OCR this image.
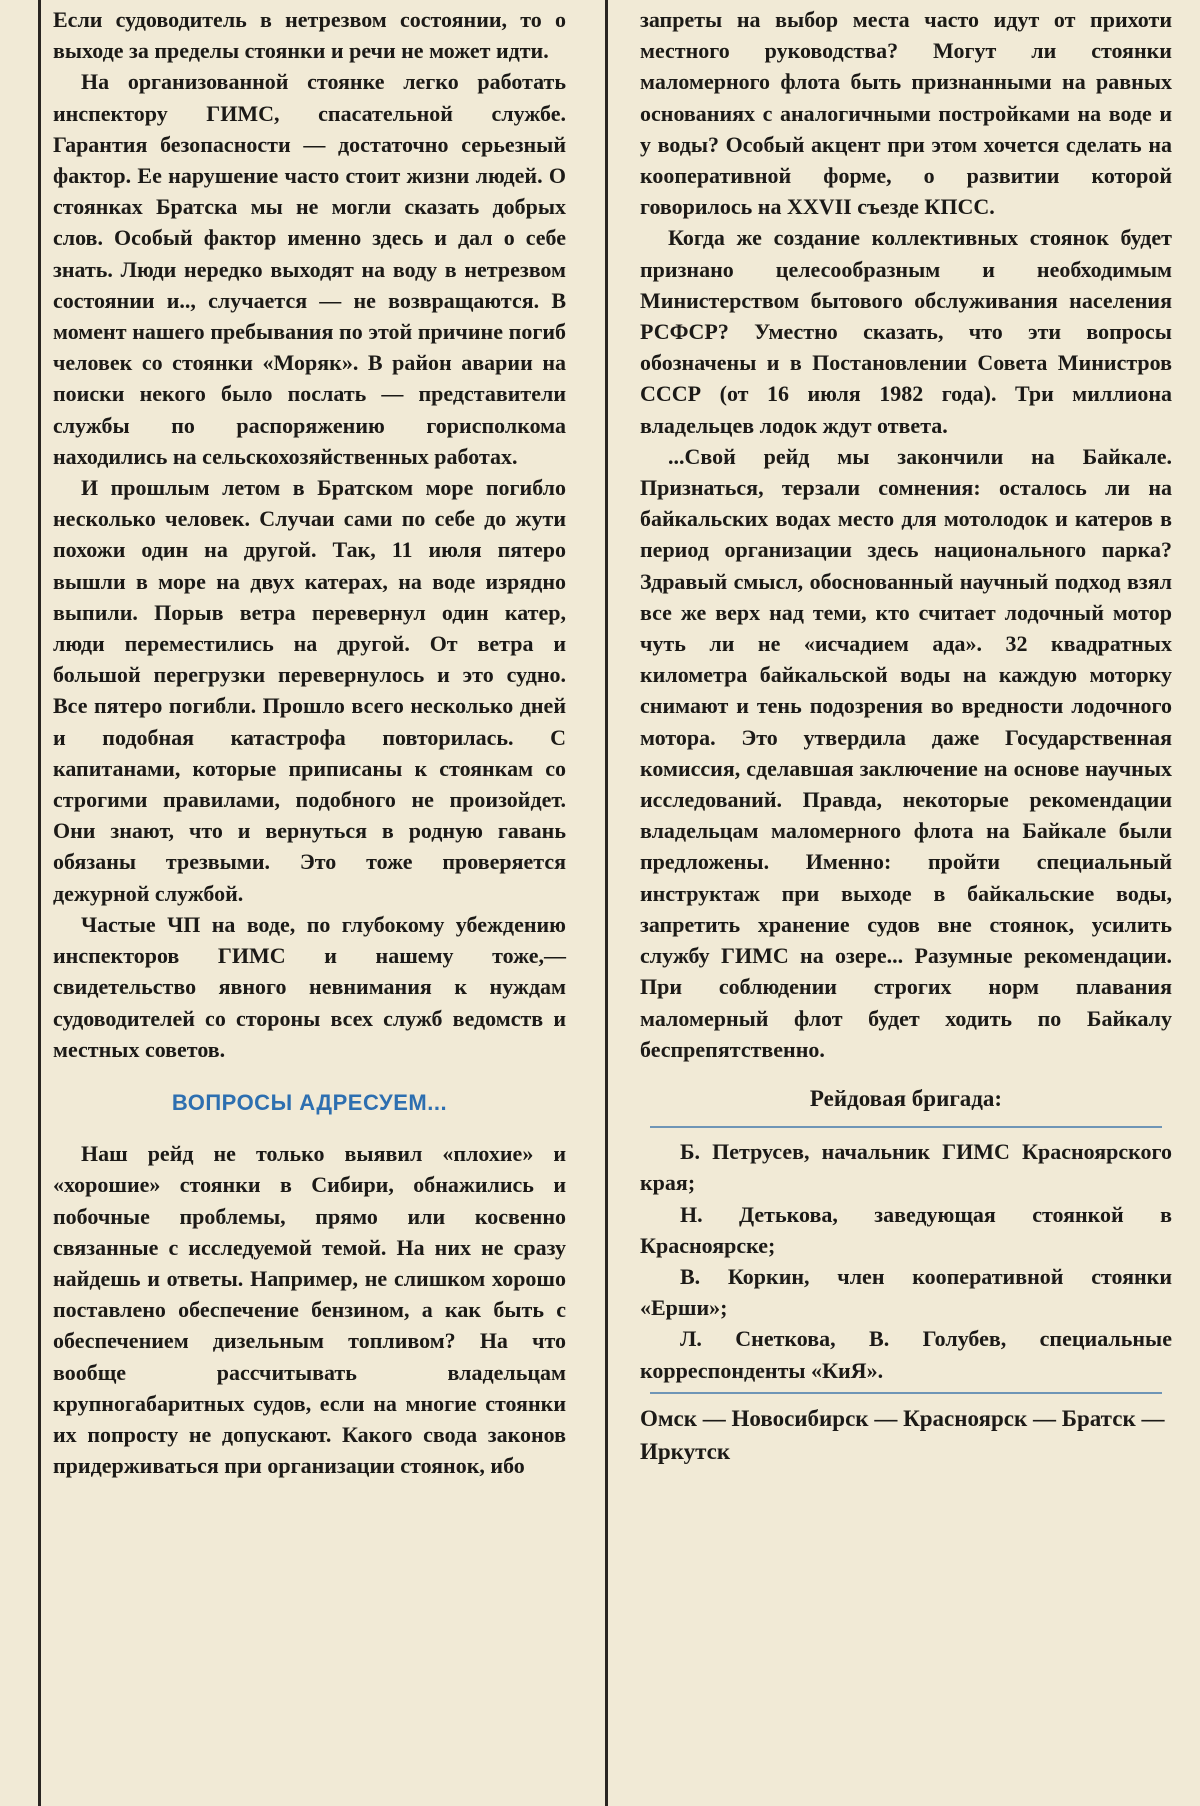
Если судоводитель в нетрезвом состоянии, то о выходе за пределы стоянки и речи не может идти.

На организованной стоянке легко работать инспектору ГИМС, спасательной службе. Гарантия безопасности — достаточно серьезный фактор. Ее нарушение часто стоит жизни людей. О стоянках Братска мы не могли сказать добрых слов. Особый фактор именно здесь и дал о себе знать. Люди нередко выходят на воду в нетрезвом состоянии и.., случается — не возвращаются. В момент нашего пребывания по этой причине погиб человек со стоянки «Моряк». В район аварии на поиски некого было послать — представители службы по распоряжению горисполкома находились на сельскохозяйственных работах.

И прошлым летом в Братском море погибло несколько человек. Случаи сами по себе до жути похожи один на другой. Так, 11 июля пятеро вышли в море на двух катерах, на воде изрядно выпили. Порыв ветра перевернул один катер, люди переместились на другой. От ветра и большой перегрузки перевернулось и это судно. Все пятеро погибли. Прошло всего несколько дней и подобная катастрофа повторилась. С капитанами, которые приписаны к стоянкам со строгими правилами, подобного не произойдет. Они знают, что и вернуться в родную гавань обязаны трезвыми. Это тоже проверяется дежурной службой.

Частые ЧП на воде, по глубокому убеждению инспекторов ГИМС и нашему тоже,— свидетельство явного невнимания к нуждам судоводителей со стороны всех служб ведомств и местных советов.

ВОПРОСЫ АДРЕСУЕМ...

Наш рейд не только выявил «плохие» и «хорошие» стоянки в Сибири, обнажились и побочные проблемы, прямо или косвенно связанные с исследуемой темой. На них не сразу найдешь и ответы. Например, не слишком хорошо поставлено обеспечение бензином, а как быть с обеспечением дизельным топливом? На что вообще рассчитывать владельцам крупногабаритных судов, если на многие стоянки их попросту не допускают. Какого свода законов придерживаться при организации стоянок, ибо

запреты на выбор места часто идут от прихоти местного руководства? Могут ли стоянки маломерного флота быть признанными на равных основаниях с аналогичными постройками на воде и у воды? Особый акцент при этом хочется сделать на кооперативной форме, о развитии которой говорилось на XXVII съезде КПСС.

Когда же создание коллективных стоянок будет признано целесообразным и необходимым Министерством бытового обслуживания населения РСФСР? Уместно сказать, что эти вопросы обозначены и в Постановлении Совета Министров СССР (от 16 июля 1982 года). Три миллиона владельцев лодок ждут ответа.

...Свой рейд мы закончили на Байкале. Признаться, терзали сомнения: осталось ли на байкальских водах место для мотолодок и катеров в период организации здесь национального парка? Здравый смысл, обоснованный научный подход взял все же верх над теми, кто считает лодочный мотор чуть ли не «исчадием ада». 32 квадратных километра байкальской воды на каждую моторку снимают и тень подозрения во вредности лодочного мотора. Это утвердила даже Государственная комиссия, сделавшая заключение на основе научных исследований. Правда, некоторые рекомендации владельцам маломерного флота на Байкале были предложены. Именно: пройти специальный инструктаж при выходе в байкальские воды, запретить хранение судов вне стоянок, усилить службу ГИМС на озере... Разумные рекомендации. При соблюдении строгих норм плавания маломерный флот будет ходить по Байкалу беспрепятственно.

Рейдовая бригада:

Б. Петрусев, начальник ГИМС Красноярского края;

Н. Детькова, заведующая стоянкой в Красноярске;

В. Коркин, член кооперативной стоянки «Ерши»;

Л. Снеткова, В. Голубев, специальные корреспонденты «КиЯ».

Омск — Новосибирск — Красноярск — Братск — Иркутск
